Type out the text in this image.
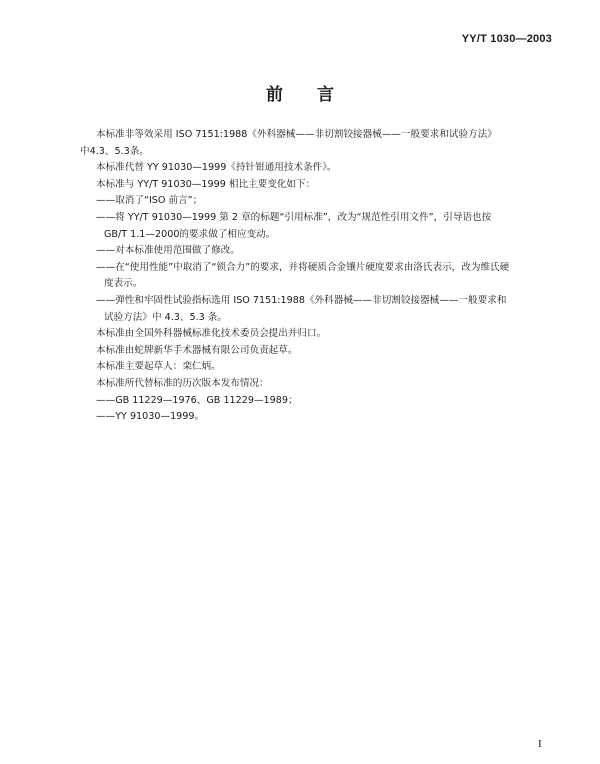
YY/T 1030—2003
前 言

本标准非等效采用 ISO 7151:1988《外科器械——非切割铰接器械——一般要求和试验方法》

中4.3、5.3条。

本标准代替 YY 91030—1999《持针钳通用技术条件》。

本标准与 YY/T 91030—1999 相比主要变化如下：

——取消了“ISO 前言”；

——将 YY/T 91030—1999 第 2 章的标题“引用标准”，改为“规范性引用文件”，引导语也按

GB/T 1.1—2000的要求做了相应变动。

——对本标准使用范围做了修改。

——在“使用性能”中取消了“锁合力”的要求，并将硬质合金镶片硬度要求由洛氏表示，改为维氏硬

度表示。

——弹性和牢固性试验指标选用 ISO 7151:1988《外科器械——非切割铰接器械——一般要求和

试验方法》中 4.3、5.3 条。

本标准由全国外科器械标准化技术委员会提出并归口。

本标准由蛇牌新华手术器械有限公司负责起草。

本标准主要起草人：栾仁炳。

本标准所代替标准的历次版本发布情况：

——GB 11229—1976、GB 11229—1989；

——YY 91030—1999。

I
